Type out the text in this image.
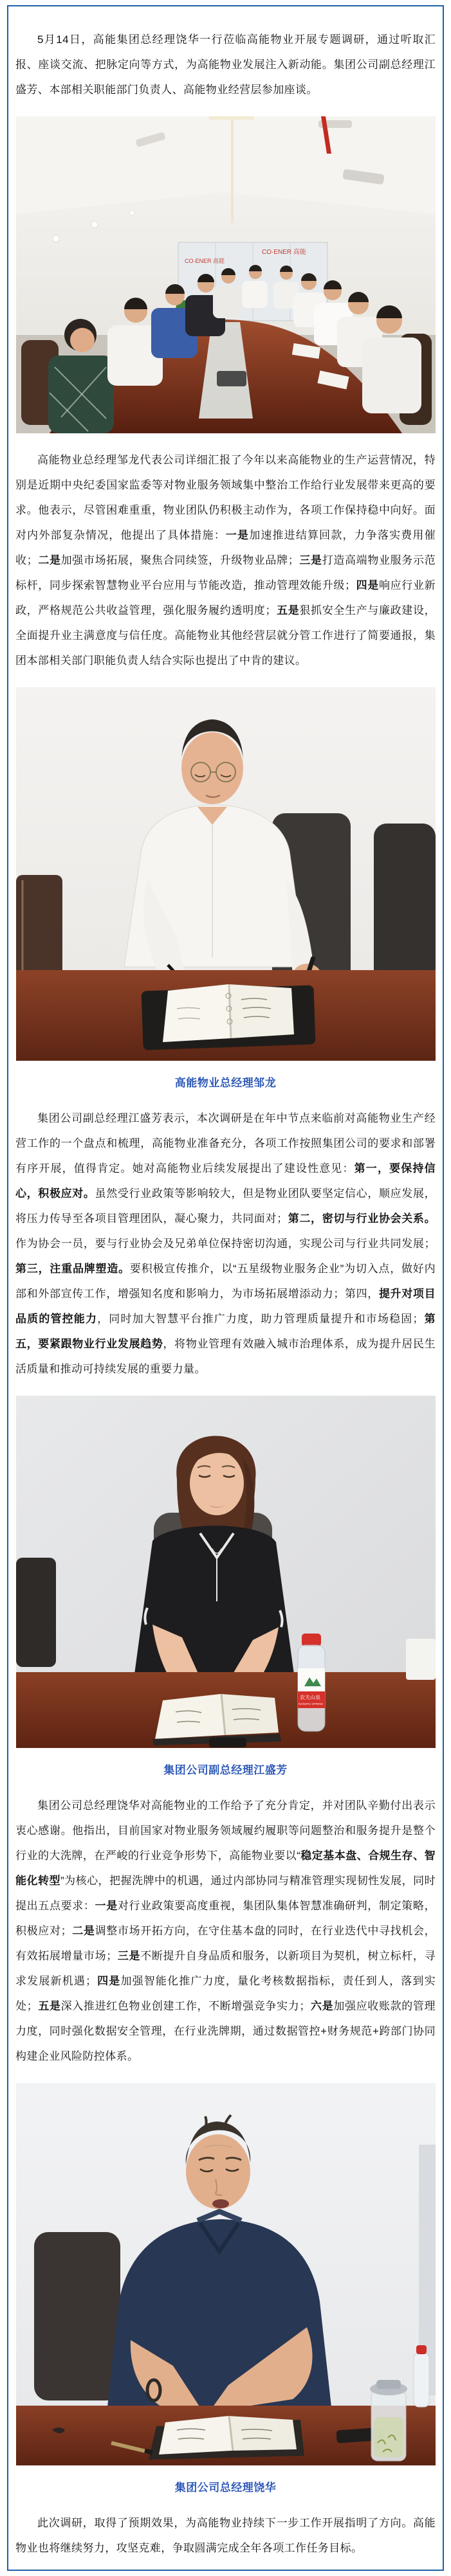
5月14日，高能集团总经理饶华一行莅临高能物业开展专题调研，通过听取汇报、座谈交流、把脉定向等方式，为高能物业发展注入新动能。集团公司副总经理江盛芳、本部相关职能部门负责人、高能物业经营层参加座谈。

CO·ENER 高能
CO·ENER 高能

高能物业总经理邹龙代表公司详细汇报了今年以来高能物业的生产运营情况，特别是近期中央纪委国家监委等对物业服务领域集中整治工作给行业发展带来更高的要求。他表示，尽管困难重重，物业团队仍积极主动作为，各项工作保持稳中向好。面对内外部复杂情况，他提出了具体措施：一是加速推进结算回款，力争落实费用催收；二是加强市场拓展，聚焦合同续签，升级物业品牌；三是打造高端物业服务示范标杆，同步探索智慧物业平台应用与节能改造，推动管理效能升级；四是响应行业新政，严格规范公共收益管理，强化服务履约透明度；五是狠抓安全生产与廉政建设，全面提升业主满意度与信任度。高能物业其他经营层就分管工作进行了简要通报，集团本部相关部门职能负责人结合实际也提出了中肯的建议。

高能物业总经理邹龙

集团公司副总经理江盛芳表示，本次调研是在年中节点来临前对高能物业生产经营工作的一个盘点和梳理，高能物业准备充分，各项工作按照集团公司的要求和部署有序开展，值得肯定。她对高能物业后续发展提出了建设性意见：第一，要保持信心，积极应对。虽然受行业政策等影响较大，但是物业团队要坚定信心，顺应发展，将压力传导至各项目管理团队，凝心聚力，共同面对；第二，密切与行业协会关系。作为协会一员，要与行业协会及兄弟单位保持密切沟通，实现公司与行业共同发展；第三，注重品牌塑造。要积极宣传推介，以“五星级物业服务企业”为切入点，做好内部和外部宣传工作，增强知名度和影响力，为市场拓展增添动力；第四，提升对项目品质的管控能力，同时加大智慧平台推广力度，助力管理质量提升和市场稳固；第五，要紧跟物业行业发展趋势，将物业管理有效融入城市治理体系，成为提升居民生活质量和推动可持续发展的重要力量。

农夫山泉
NONGFU SPRING

集团公司副总经理江盛芳

集团公司总经理饶华对高能物业的工作给予了充分肯定，并对团队辛勤付出表示衷心感谢。他指出，目前国家对物业服务领域履约履职等问题整治和服务提升是整个行业的大洗牌，在严峻的行业竞争形势下，高能物业要以“稳定基本盘、合规生存、智能化转型”为核心，把握洗牌中的机遇，通过内部协同与精准管理实现韧性发展，同时提出五点要求：一是对行业政策要高度重视，集团队集体智慧准确研判，制定策略，积极应对；二是调整市场开拓方向，在守住基本盘的同时，在行业迭代中寻找机会，有效拓展增量市场；三是不断提升自身品质和服务，以新项目为契机，树立标杆，寻求发展新机遇；四是加强智能化推广力度，量化考核数据指标，责任到人，落到实处；五是深入推进红色物业创建工作，不断增强竞争实力；六是加强应收账款的管理力度，同时强化数据安全管理，在行业洗牌期，通过数据管控+财务规范+跨部门协同构建企业风险防控体系。

集团公司总经理饶华

此次调研，取得了预期效果，为高能物业持续下一步工作开展指明了方向。高能物业也将继续努力，攻坚克难，争取圆满完成全年各项工作任务目标。
